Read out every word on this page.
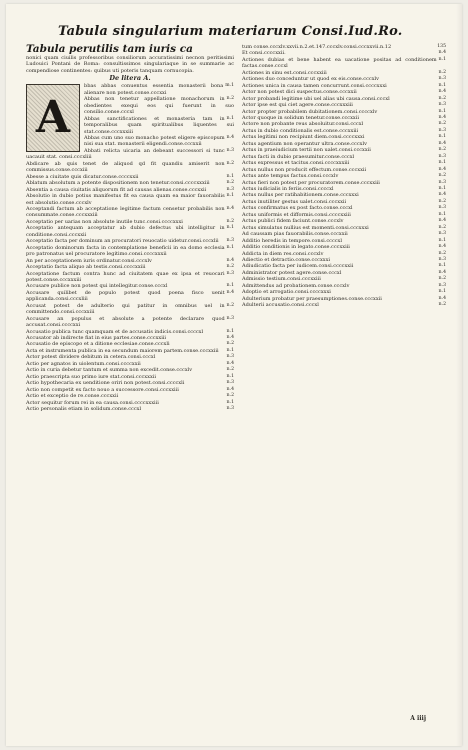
Tabula singularium materiarum Consi.Iud.Ro.

Tabula perutilis tam iuris ca

nonici quam ciuilis professoribus consiliorum accuratissimi necnon peritissimi Ludouici Pontani de Roma: consultissimos singulariaque in se summarie ac compendiose continentes: quibus uti poteris tanquam cornucopia.

De litera A.

A

m.1
bbas abbas conuentus essentia monasterii bona alienare non potest.conse.cccxxi

n.2
Abbas non tenetur appellatione monachorum in obedientes exequi eos qui fuerunt in suo consilio.conse.cccxl

n.1
Abbas sanctificationes et monasteria tam in temporalibus quam spiritualibus liquentes sui stat.conse.cccxxxiii

n.4
Abbas cum uno suo monacho potest eligere episcopum nisi sua stat. monasterii eligendi.conse.cccxxii

n.3
Abbati relicta uicaria an debeant successori si tunc uacauit stat. consi.cccxliii

n.2
Abdicare ab quis tenet de aliquod qd fit quandiu amiserit non commissus.conse.cccxiii

n.1
Abesse a ciuitate quis dicatur.conse.ccccxxii

n.2
Ablatum absolutum a potente dispositionem non tenetur.consi.ccccxxxiii

n.3
Absentia a causa ciuitatis aliquorum fit ad causas alienas.conse.cccxxii

n.1
Absolutio in dubio potius manifestus fit ea causa quam ea maior fauorabilis est absolutio.conse.cccxlv

n.4
Acceptandi factum ab acceptatione legitime factum censetur probabilis non consummate.conse.cccxxxiii

n.2
Acceptatio per uarias non absolute inutile tunc.consi.ccccxxxi

n.1
Acceptatio antequam acceptatur ab dubio defectus ubi intelligitur in conditione.consi.cccxxii

n.3
Acceptatio facta per dominum an procuratori reuocatio uidetur.consi.cccxlii

n.1
Acceptatio dominorum facta in contemplatione beneficii in ea domo ecclesia pro patronatus uel procuratore legitimo.consi.ccccxxxii

n.4
An per acceptationem iuris ordinatur.consi.cccxlv

n.2
Acceptatio facta aliquo ab testis.consi.ccccxxiii

n.3
Acceptatione factum contra hunc ad ciuitatem quae ex ipsa et reuocari potest.conse.cccxxxiii

n.1
Accusare publice non potest qui intellegitur.conse.cccxl

n.4
Accusare quilibet de populo potest quod poena fisco uenit applicanda.consi.cccxliii

n.2
Accusat potest de adulterio qui patitur in omnibus uel in committendo.consi.cccxxiii

n.3
Accusare an populus et absolute a potente declarare quod accusat.consi.ccccxxi

n.1
Accusatio publica tunc quamquam et de accusatis indicis.consi.ccccxl

n.4
Accusator ab indirecte fiat in eius partes.conse.cccxxiii

n.2
Accusatio de episcopo et a ditione ecclesiae.conse.cccxli

n.1
Acta et instrumenta publica in ea secundum maiorem partem.conse.cccxxiii

n.3
Actor potest dividere debitum in cetera.consi.cccxl

n.4
Actio per agnatos in uiolentum.consi.ccccxxii

n.2
Actio in curia debetur tantum et summa non excedit.conse.cccxlv

n.1
Actio praescripta suo primo iure stat.consi.cccxxxii

n.3
Actio hypothecaria ex uenditione oriri non potest.consi.ccccxli

n.4
Actio non competit ex facto nouo a successore.consi.cccxxiii

n.2
Actio et exceptio de re.conse.cccxxii

n.1
Actor sequitur forum rei in ea causa.consi.ccccxxxiii

n.3
Actio personalis etiam in solidum.conse.cccxl

135
tum conse.cccxlv.xxvii.n.2.et.147.cccxlv.consi.cccxxvii.n.12

n.4
Et consi.ccccxxii.

n.1
Actiones dubias et bene habent ea uacatione positas ad conditionem factas.conse.cccxl

n.2
Actiones in sinu est.consi.cccxxiii

n.3
Actiones duo conceduntur ut quod ex eis.conse.cccxlv

n.1
Actiones unica in causa tamen concurrunt.consi.ccccxxxi

n.4
Actor non potest dici suspectus.conse.cccxxii

n.2
Actor probandi legitime ubi uel alias ubi causa.consi.cccxl

n.3
Actor ipse est qui ciet agere.conse.cccxxxiii

n.1
Actor propter probabilem dubitationem.consi.ccccxlv

n.4
Actor quoque in solidum tenetur.conse.cccxxii

n.2
Actore non probante reus absoluitur.consi.cccxl

n.3
Actus in dubio conditionalis est.conse.cccxxiii

n.1
Actus legitimi non recipiunt diem.consi.ccccxxxi

n.4
Actus agentium non operantur ultra.conse.cccxlv

n.2
Actus in praeiudicium tertii non ualet.consi.cccxxii

n.3
Actus facti in dubio praesumitur.conse.cccxl

n.1
Actus expressus et tacitus.consi.ccccxxxiii

n.4
Actus nullus non producit effectum.conse.cccxxii

n.2
Actus ante tempus factus.consi.cccxlv

n.3
Actus fieri non potest per procuratorem.conse.cccxxiii

n.1
Actus iudicialis in feriis.consi.ccccxl

n.4
Actus nullus per ratihabitionem.conse.cccxxxi

n.2
Actus inutiliter gestus ualet.consi.cccxxii

n.3
Actus confirmatus ex post facto.conse.cccxl

n.1
Actus uniformis et difformis.consi.ccccxxiii

n.4
Actus publici fidem faciunt.conse.cccxlv

n.2
Actus simulatus nullius est momenti.consi.cccxxxi

n.3
Ad caussam pias fauorabilis.conse.cccxxii

n.1
Additio heredis in tempore.consi.ccccxl

n.4
Additio conditionis in legato.conse.cccxxiii

n.2
Addicta in diem res.consi.cccxlv

n.3
Adiectio et detractio.conse.cccxxxi

n.1
Adiudicatio facta per iudicem.consi.ccccxxii

n.4
Administrator potest agere.conse.cccxl

n.2
Admissio testium.consi.cccxxiii

n.3
Admittendus ad probationem.conse.cccxlv

n.1
Adoptio et arrogatio.consi.ccccxxxi

n.4
Adulterium probatur per praesumptiones.conse.cccxxii

n.2
Adulterii accusatio.consi.cccxl

A iiij
